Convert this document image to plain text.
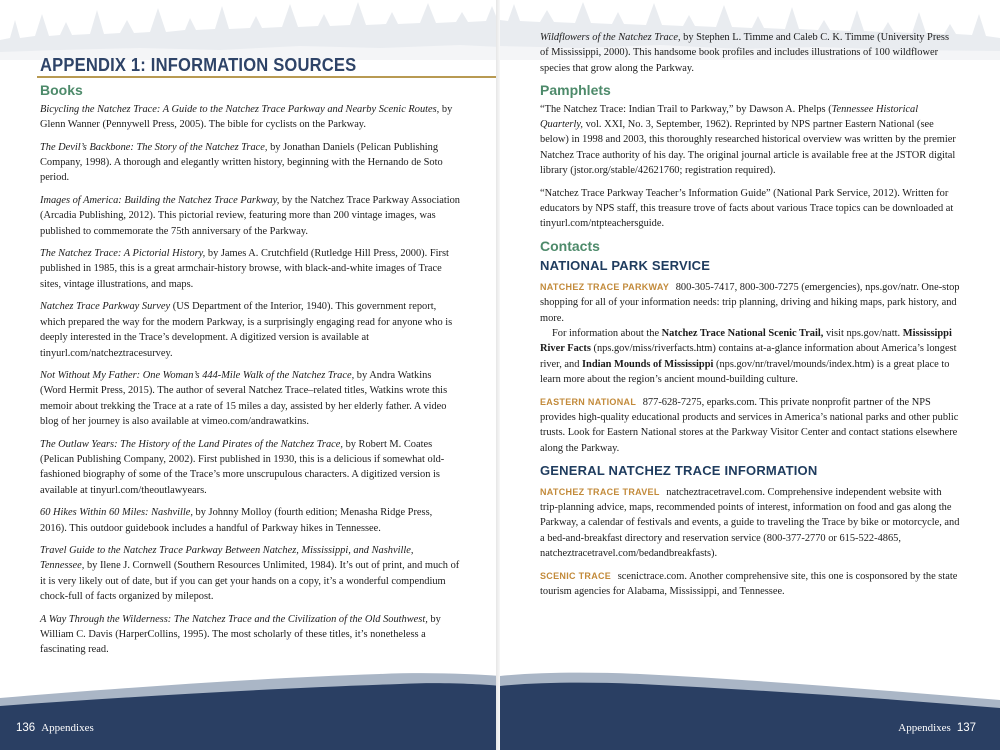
APPENDIX 1: INFORMATION SOURCES
Books
Bicycling the Natchez Trace: A Guide to the Natchez Trace Parkway and Nearby Scenic Routes, by Glenn Wanner (Pennywell Press, 2005). The bible for cyclists on the Parkway.
The Devil’s Backbone: The Story of the Natchez Trace, by Jonathan Daniels (Pelican Publishing Company, 1998). A thorough and elegantly written history, beginning with the Hernando de Soto period.
Images of America: Building the Natchez Trace Parkway, by the Natchez Trace Parkway Association (Arcadia Publishing, 2012). This pictorial review, featuring more than 200 vintage images, was published to commemorate the 75th anniversary of the Parkway.
The Natchez Trace: A Pictorial History, by James A. Crutchfield (Rutledge Hill Press, 2000). First published in 1985, this is a great armchair-history browse, with black-and-white images of Trace sites, vintage illustrations, and maps.
Natchez Trace Parkway Survey (US Department of the Interior, 1940). This government report, which prepared the way for the modern Parkway, is a surprisingly engaging read for anyone who is deeply interested in the Trace’s development. A digitized version is available at tinyurl.com/natcheztracesurvey.
Not Without My Father: One Woman’s 444-Mile Walk of the Natchez Trace, by Andra Watkins (Word Hermit Press, 2015). The author of several Natchez Trace–related titles, Watkins wrote this memoir about trekking the Trace at a rate of 15 miles a day, assisted by her elderly father. A video blog of her journey is also available at vimeo.com/andrawatkins.
The Outlaw Years: The History of the Land Pirates of the Natchez Trace, by Robert M. Coates (Pelican Publishing Company, 2002). First published in 1930, this is a delicious if somewhat old-fashioned biography of some of the Trace’s more unscrupulous characters. A digitized version is available at tinyurl.com/theoutlawyears.
60 Hikes Within 60 Miles: Nashville, by Johnny Molloy (fourth edition; Menasha Ridge Press, 2016). This outdoor guidebook includes a handful of Parkway hikes in Tennessee.
Travel Guide to the Natchez Trace Parkway Between Natchez, Mississippi, and Nashville, Tennessee, by Ilene J. Cornwell (Southern Resources Unlimited, 1984). It’s out of print, and much of it is very likely out of date, but if you can get your hands on a copy, it’s a wonderful compendium chock-full of facts organized by milepost.
A Way Through the Wilderness: The Natchez Trace and the Civilization of the Old Southwest, by William C. Davis (HarperCollins, 1995). The most scholarly of these titles, it’s nonetheless a fascinating read.
136 Appendixes
Wildflowers of the Natchez Trace, by Stephen L. Timme and Caleb C. K. Timme (University Press of Mississippi, 2000). This handsome book profiles and includes illustrations of 100 wildflower species that grow along the Parkway.
Pamphlets
“The Natchez Trace: Indian Trail to Parkway,” by Dawson A. Phelps (Tennessee Historical Quarterly, vol. XXI, No. 3, September, 1962). Reprinted by NPS partner Eastern National (see below) in 1998 and 2003, this thoroughly researched historical overview was written by the premier Natchez Trace authority of his day. The original journal article is available free at the JSTOR digital library (jstor.org/stable/42621760; registration required).
“Natchez Trace Parkway Teacher’s Information Guide” (National Park Service, 2012). Written for educators by NPS staff, this treasure trove of facts about various Trace topics can be downloaded at tinyurl.com/ntpteachersguide.
Contacts
NATIONAL PARK SERVICE
NATCHEZ TRACE PARKWAY 800-305-7417, 800-300-7275 (emergencies), nps.gov/natr. One-stop shopping for all of your information needs: trip planning, driving and hiking maps, park history, and more.
For information about the Natchez Trace National Scenic Trail, visit nps.gov/natt. Mississippi River Facts (nps.gov/miss/riverfacts.htm) contains at-a-glance information about America’s longest river, and Indian Mounds of Mississippi (nps.gov/nr/travel/mounds/index.htm) is a great place to learn more about the region’s ancient mound-building culture.
EASTERN NATIONAL 877-628-7275, eparks.com. This private nonprofit partner of the NPS provides high-quality educational products and services in America’s national parks and other public trusts. Look for Eastern National stores at the Parkway Visitor Center and contact stations elsewhere along the Parkway.
GENERAL NATCHEZ TRACE INFORMATION
NATCHEZ TRACE TRAVEL natcheztracetravel.com. Comprehensive independent website with trip-planning advice, maps, recommended points of interest, information on food and gas along the Parkway, a calendar of festivals and events, a guide to traveling the Trace by bike or motorcycle, and a bed-and-breakfast directory and reservation service (800-377-2770 or 615-522-4865, natcheztracetravel.com/bedandbreakfasts).
SCENIC TRACE scenictrace.com. Another comprehensive site, this one is cosponsored by the state tourism agencies for Alabama, Mississippi, and Tennessee.
Appendixes 137
